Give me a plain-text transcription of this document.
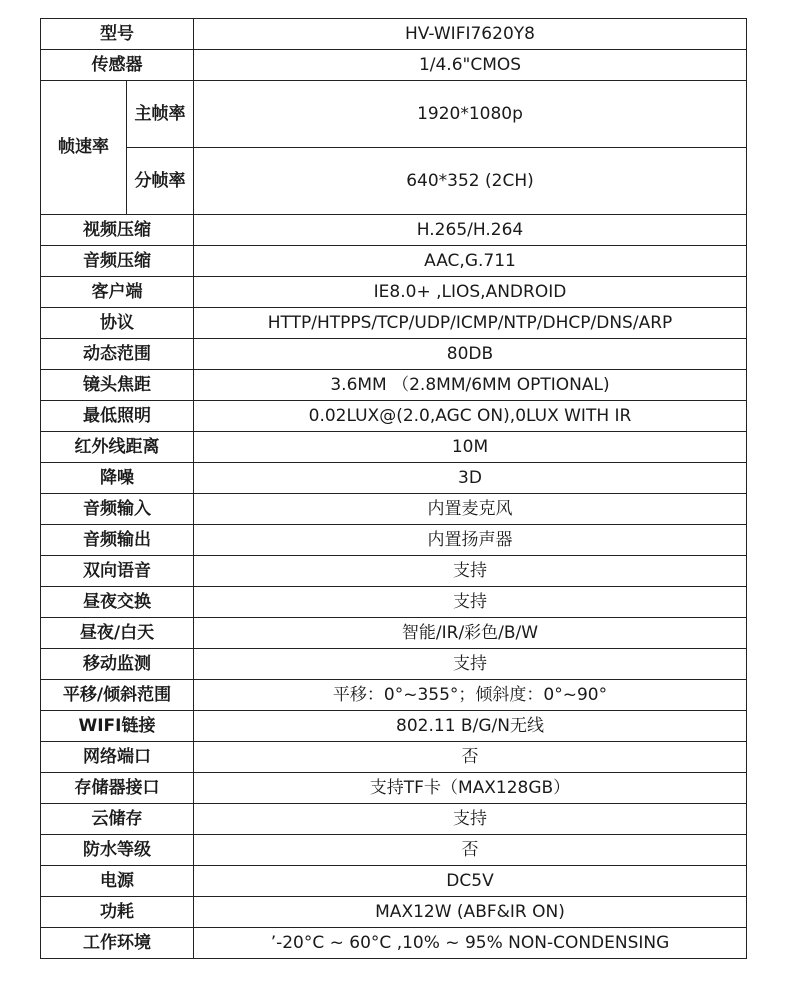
型号		HV-WIFI7620Y8
传感器		1/4.6"CMOS
帧速率	主帧率	1920*1080p
	分帧率	640*352 (2CH)
视频压缩		H.265/H.264
音频压缩		AAC,G.711
客户端		IE8.0+ ,LIOS,ANDROID
协议		HTTP/HTPPS/TCP/UDP/ICMP/NTP/DHCP/DNS/ARP
动态范围		80DB
镜头焦距		3.6MM （2.8MM/6MM OPTIONAL)
最低照明		0.02LUX@(2.0,AGC ON),0LUX WITH IR
红外线距离		10M
降噪		3D
音频输入		内置麦克风
音频输出		内置扬声器
双向语音		支持
昼夜交换		支持
昼夜/白天		智能/IR/彩色/B/W
移动监测		支持
平移/倾斜范围		平移：0°~355°；倾斜度：0°~90°
WIFI链接		802.11 B/G/N无线
网络端口		否
存储器接口		支持TF卡（MAX128GB）
云储存		支持
防水等级		否
电源		DC5V
功耗		MAX12W (ABF&IR ON)
工作环境		’-20°C ~ 60°C ,10% ~ 95% NON-CONDENSING
